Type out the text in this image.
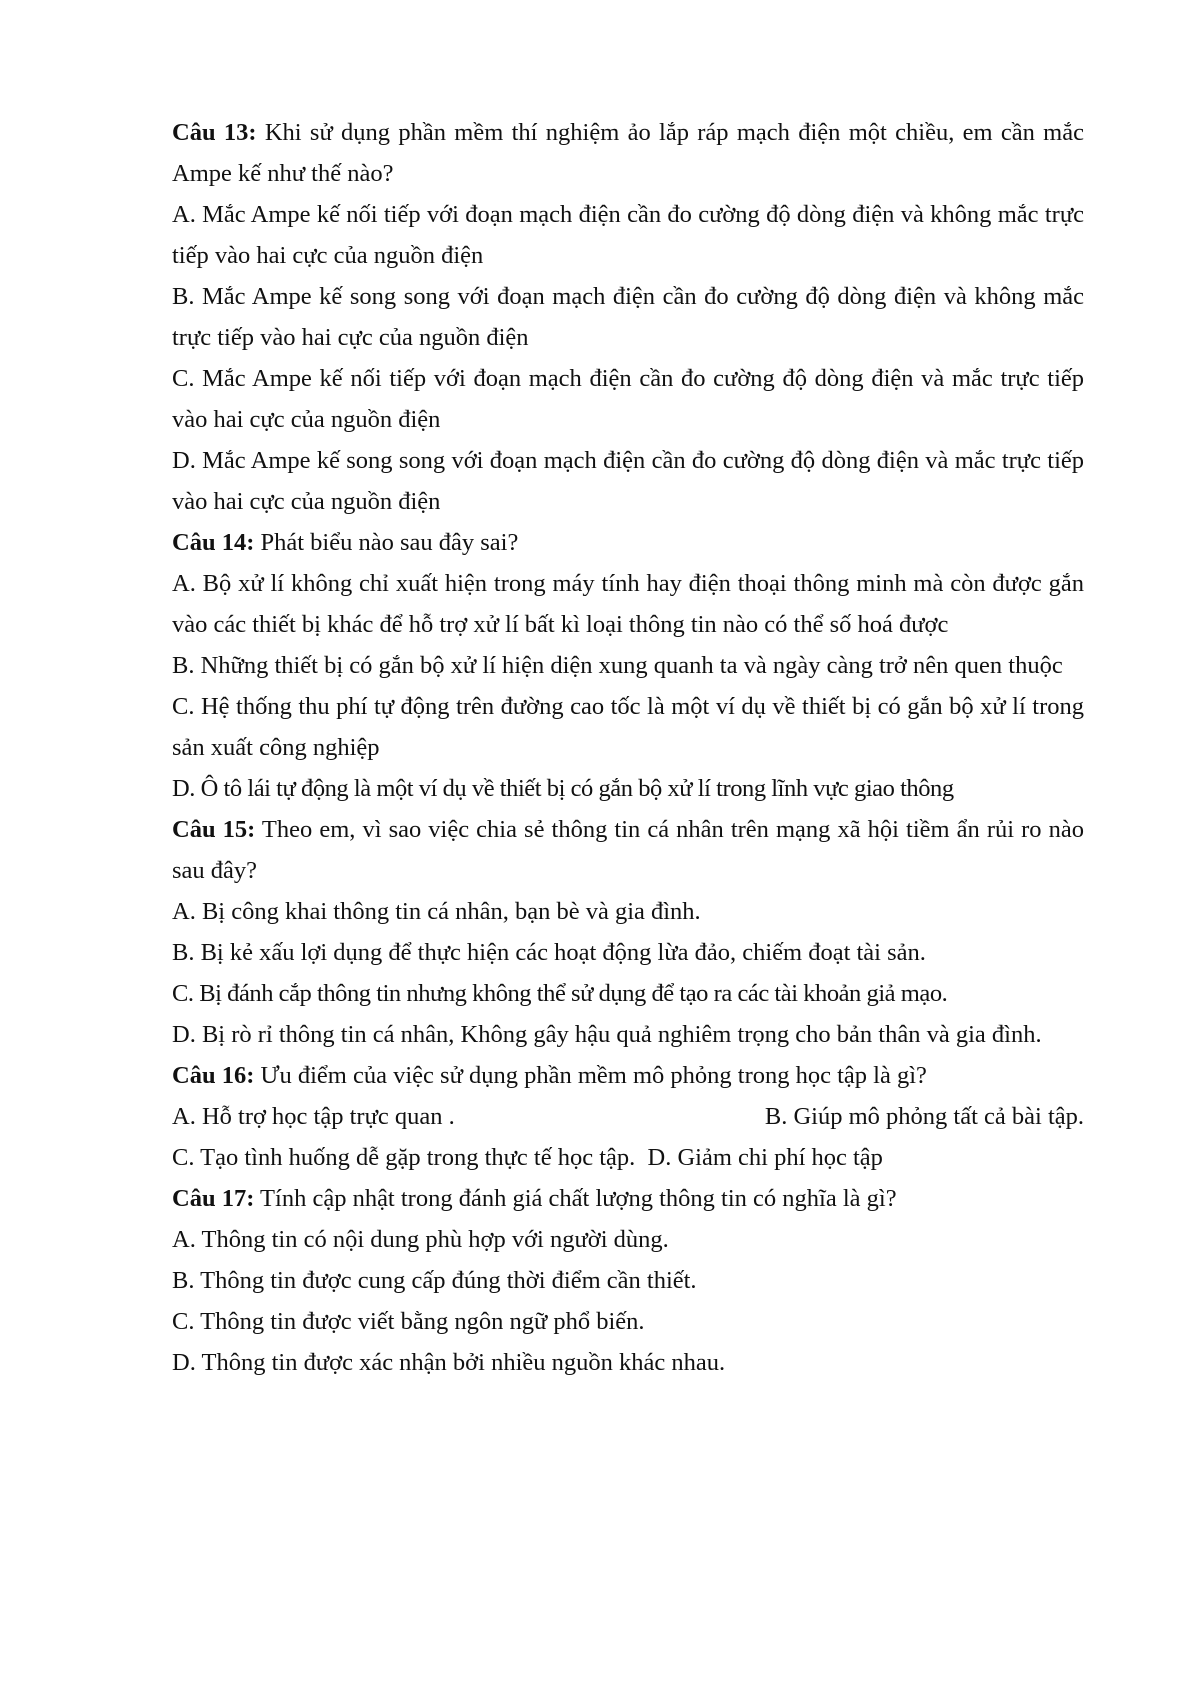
Câu 13: Khi sử dụng phần mềm thí nghiệm ảo lắp ráp mạch điện một chiều, em cần mắc Ampe kế như thế nào?

A. Mắc Ampe kế nối tiếp với đoạn mạch điện cần đo cường độ dòng điện và không mắc trực tiếp vào hai cực của nguồn điện

B. Mắc Ampe kế song song với đoạn mạch điện cần đo cường độ dòng điện và không mắc trực tiếp vào hai cực của nguồn điện

C. Mắc Ampe kế nối tiếp với đoạn mạch điện cần đo cường độ dòng điện và mắc trực tiếp vào hai cực của nguồn điện

D. Mắc Ampe kế song song với đoạn mạch điện cần đo cường độ dòng điện và mắc trực tiếp vào hai cực của nguồn điện

Câu 14: Phát biểu nào sau đây sai?

A. Bộ xử lí không chỉ xuất hiện trong máy tính hay điện thoại thông minh mà còn được gắn vào các thiết bị khác để hỗ trợ xử lí bất kì loại thông tin nào có thể số hoá được

B. Những thiết bị có gắn bộ xử lí hiện diện xung quanh ta và ngày càng trở nên quen thuộc

C. Hệ thống thu phí tự động trên đường cao tốc là một ví dụ về thiết bị có gắn bộ xử lí trong sản xuất công nghiệp

D. Ô tô lái tự động là một ví dụ về thiết bị có gắn bộ xử lí trong lĩnh vực giao thông

Câu 15: Theo em, vì sao việc chia sẻ thông tin cá nhân trên mạng xã hội tiềm ẩn rủi ro nào sau đây?

A. Bị công khai thông tin cá nhân, bạn bè và gia đình.

B. Bị kẻ xấu lợi dụng để thực hiện các hoạt động lừa đảo, chiếm đoạt tài sản.

C. Bị đánh cắp thông tin nhưng không thể sử dụng để tạo ra các tài khoản giả mạo.

D. Bị rò rỉ thông tin cá nhân, Không gây hậu quả nghiêm trọng cho bản thân và gia đình.

Câu 16: Ưu điểm của việc sử dụng phần mềm mô phỏng trong học tập là gì?

A. Hỗ trợ học tập trực quan .	B. Giúp mô phỏng tất cả bài tập.
C. Tạo tình huống dễ gặp trong thực tế học tập. D. Giảm chi phí học tập

Câu 17: Tính cập nhật trong đánh giá chất lượng thông tin có nghĩa là gì?

A. Thông tin có nội dung phù hợp với người dùng.

B. Thông tin được cung cấp đúng thời điểm cần thiết.

C. Thông tin được viết bằng ngôn ngữ phổ biến.

D. Thông tin được xác nhận bởi nhiều nguồn khác nhau.
